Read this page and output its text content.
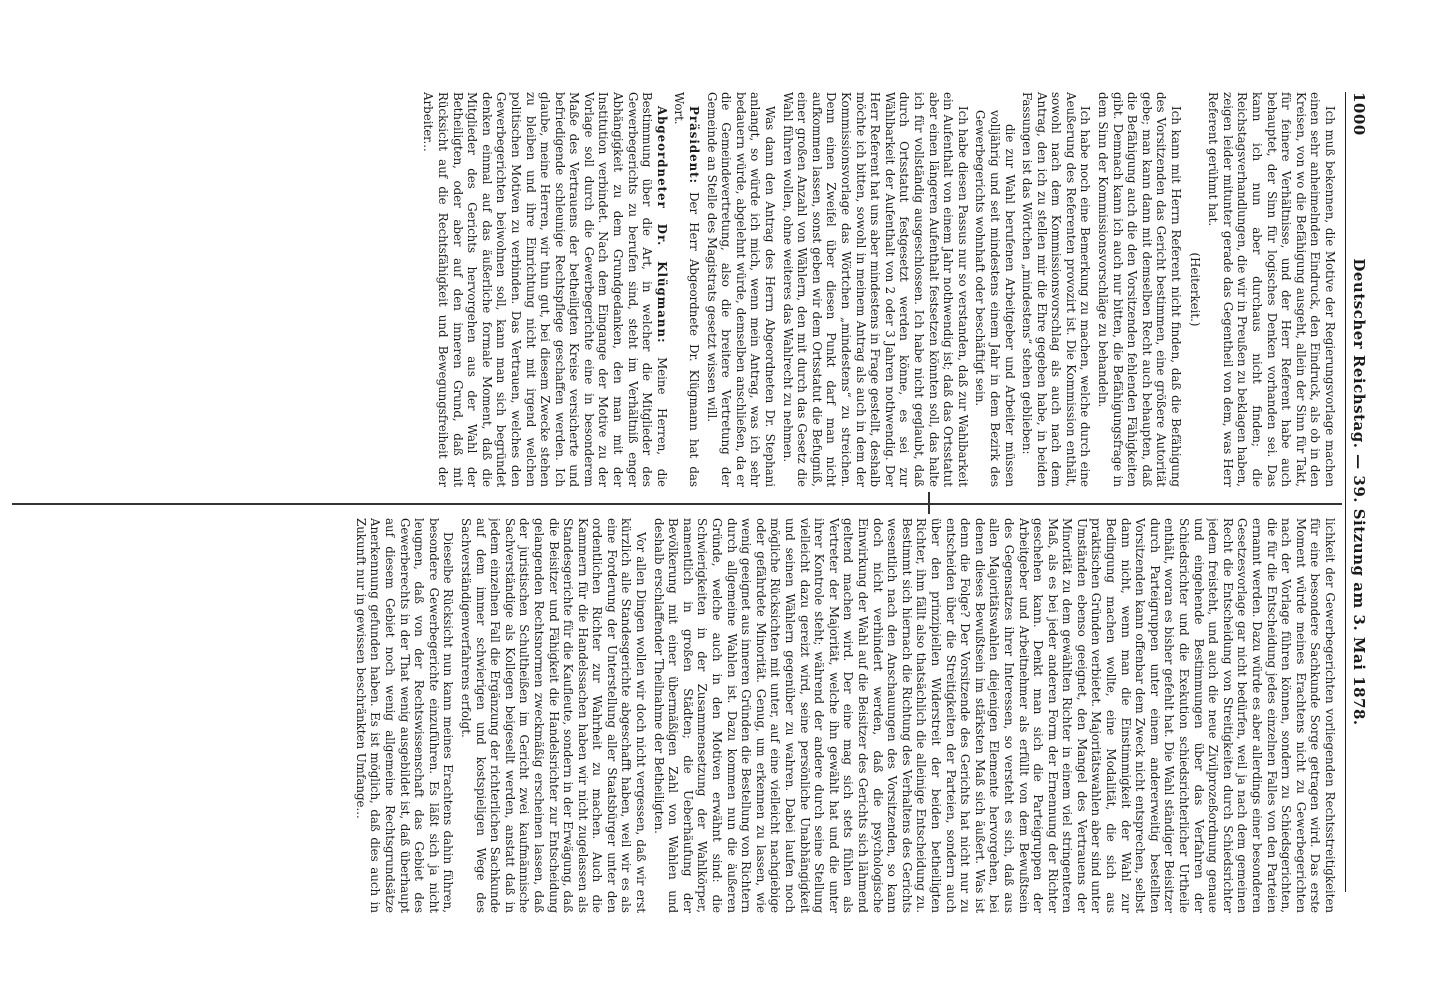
1000
Deutscher Reichstag. — 39. Sitzung am 3. Mai 1878.

Ich muß bekennen, die Motive der Regierungsvorlage machen einen sehr anheimelnden Eindruck, den Eindruck, als ob in den Kreisen, von wo die Befähigung ausgeht, allein der Sinn für Takt, für feinere Verhältnisse, und der Herr Referent habe auch behauptet, der Sinn für logisches Denken vorhanden sei. Das kann ich nun aber durchaus nicht finden; die Reichstagsverhandlungen, die wir in Preußen zu beklagen haben, zeigen leider mitunter gerade das Gegentheil von dem, was Herr Referent gerühmt hat.

(Heiterkeit.)

Ich kann mit Herrn Referent nicht finden, daß die Befähigung des Vorsitzenden das Gericht bestimmen, eine größere Autorität gebe; man kann dann mit demselben Recht auch behaupten, daß die Befähigung auch die den Vorsitzenden fehlenden Fähigkeiten gibt. Demnach kann ich auch nur bitten, die Befähigungsfrage in dem Sinn der Kommissionsvorschläge zu behandeln.

Ich habe noch eine Bemerkung zu machen, welche durch eine Aeußerung des Referenten provozirt ist. Die Kommission enthält, sowohl nach dem Kommissionsvorschlag als auch nach dem Antrag, den ich zu stellen mir die Ehre gegeben habe, in beiden Fassungen ist das Wörtchen „mindestens“ stehen geblieben:

die zur Wahl berufenen Arbeitgeber und Arbeiter müssen volljährig und seit mindestens einem Jahr in dem Bezirk des Gewerbegerichts wohnhaft oder beschäftigt sein.

Ich habe diesen Passus nur so verstanden, daß zur Wahlbarkeit ein Aufenthalt von einem Jahr nothwendig ist; daß das Ortsstatut aber einen längeren Aufenthalt festsetzen könnten soll, das halte ich für vollständig ausgeschlossen. Ich habe nicht geglaubt, daß durch Ortsstatut festgesetzt werden könne, es sei zur Wählbarkeit der Aufenthalt von 2 oder 3 Jahren nothwendig. Der Herr Referent hat uns aber mindestens in Frage gestellt, deshalb möchte ich bitten, sowohl in meinem Antrag als auch in dem der Kommissionsvorlage das Wörtchen „mindestens“ zu streichen. Denn einen Zweifel über diesen Punkt darf man nicht aufkommen lassen, sonst geben wir dem Ortsstatut die Befugniß, einer großen Anzahl von Wählern, den mit durch das Gesetz die Wahl führen wollen, ohne weiteres das Wahlrecht zu nehmen.

Was dann den Antrag des Herrn Abgeordneten Dr. Stephani anlangt, so würde ich mich, wenn mein Antrag, was ich sehr bedauern würde, abgelehnt würde, demselben anschließen, da er die Gemeindevertretung, also die breitere Vertretung der Gemeinde an Stelle des Magistrats gesetzt wissen will.

Präsident: Der Herr Abgeordnete Dr. Klügmann hat das Wort.

Abgeordneter Dr. Klügmann: Meine Herren, die Bestimmung über die Art, in welcher die Mitglieder des Gewerbegerichts zu berufen sind, steht im Verhältniß enger Abhängigkeit zu dem Grundgedanken, den man mit der Institution verbindet. Nach dem Eingange der Motive zu der Vorlage soll durch die Gewerbegerichte eine in besonderem Maße des Vertrauens der betheiligten Kreise versicherte und befriedigende schleunige Rechtspflege geschaffen werden. Ich glaube, meine Herren, wir thun gut, bei diesem Zwecke stehen zu bleiben und ihre Einrichtung nicht mit irgend welchen politischen Motiven zu verbinden. Das Vertrauen, welches den Gewerbegerichten beiwohnen soll, kann man sich begründet denken einmal auf das äußerliche formale Moment, daß die Mitglieder des Gerichts hervorgehen aus der Wahl der Betheiligten, oder aber auf den inneren Grund, daß mit Rücksicht auf die Rechtsfähigkeit und Bewegungsfreiheit der Arbeiter...

lichkeit der Gewerbegerichten vorliegenden Rechtsstreitigkeiten für eine besondere Sachkunde Sorge getragen wird. Das erste Moment würde meines Erachtens nicht zu Gewerbegerichten nach der Vorlage führen können, sondern zu Schiedsgerichten, die für die Entscheidung jedes einzelnen Falles von den Parteien ernannt werden. Dazu würde es aber allerdings einer besonderen Gesetzesvorlage gar nicht bedürfen, weil ja nach dem gemeinen Recht die Entscheidung von Streitigkeiten durch Schiedsrichter jedem freisteht, und auch die neue Zivilprozeßordnung genaue und eingehende Bestimmungen über das Verfahren der Schiedsrichter und die Exekution schiedsrichterlicher Urtheile enthält, woran es bisher gefehlt hat. Die Wahl ständiger Beisitzer durch Parteigruppen unter einem andererweitig bestellten Vorsitzenden kann offenbar dem Zweck nicht entsprechen, selbst dann nicht, wenn man die Einstimmigkeit der Wahl zur Bedingung machen wollte, eine Modalität, die sich aus praktischen Gründen verbietet. Majoritätswahlen aber sind unter Umständen ebenso geeignet, den Mangel des Vertrauens der Minorität zu dem gewählten Richter in einem viel stringenteren Maß, als es bei jeder anderen Form der Ernennung der Richter geschehen kann. Denkt man sich die Parteigruppen der Arbeitgeber und Arbeitnehmer als erfüllt von dem Bewußtsein des Gegensatzes ihrer Interessen, so versteht es sich, daß aus allen Majoritätswahlen diejenigen Elemente hervorgehen, bei denen dieses Bewußtsein im stärksten Maß sich äußert. Was ist denn die Folge? Der Vorsitzende des Gerichts hat nicht nur zu entscheiden über die Streitigkeiten der Parteien, sondern auch über den prinzipiellen Widerstreit der beiden betheiligten Richter, ihm fällt also thatsächlich die alleinige Entscheidung zu. Bestimmt sich hiernach die Richtung des Verhaltens des Gerichts wesentlich nach den Anschauungen des Vorsitzenden, so kann doch nicht verhindert werden, daß die psychologische Einwirkung der Wahl auf die Beisitzer des Gerichts sich lähmend geltend machen wird. Der eine mag sich stets fühlen als Vertreter der Majorität, welche ihn gewählt hat und die unter ihrer Kontrole steht; während der andere durch seine Stellung vielleicht dazu gereizt wird, seine persönliche Unabhängigkeit und seinen Wählern gegenüber zu wahren. Dabei laufen noch mögliche Rücksichten mit unter, auf eine vielleicht nachgiebige oder gefährdete Minorität. Genug, um erkennen zu lassen, wie wenig geeignet aus inneren Gründen die Bestellung von Richtern durch allgemeine Wahlen ist. Dazu kommen nun die äußeren Gründe, welche auch in den Motiven erwähnt sind: die Schwierigkeiten in der Zusammensetzung der Wahlkörper, namentlich in großen Städten; die Ueberhäufung der Bevölkerung mit einer übermäßigen Zahl von Wahlen und deshalb erschlaffender Theilnahme der Betheiligten.

Vor allen Dingen wollen wir doch nicht vergessen, daß wir erst kürzlich alle Standesgerichte abgeschafft haben, weil wir es als eine Forderung der Unterstellung aller Staatsbürger unter den ordentlichen Richter zur Wahrheit zu machen. Auch die Kammern für die Handelssachen haben wir nicht zugelassen als Standesgerichte für die Kaufleute, sondern in der Erwägung, daß die Beisitzer und Fähigkeit die Handelsrichter zur Entscheidung gelangenden Rechtsnormen zweckmäßig erscheinen lassen, daß der juristischen Schultheißen im Gericht zwei kaufmännische Sachverständige als Kollegen beigesellt werden, anstatt daß in jedem einzelnen Fall die Ergänzung der richterlichen Sachkunde auf dem immer schwierigen und kostspieligen Wege des Sachverständigenverfahrens erfolgt.

Dieselbe Rücksicht nun kann meines Erachtens dahin führen, besondere Gewerbegerichte einzuführen. Es läßt sich ja nicht leugnen, daß von der Rechtswissenschaft das Gebiet des Gewerberechts in der That wenig ausgebildet ist, daß überhaupt auf diesem Gebiet noch wenig allgemeine Rechtsgrundsätze Anerkennung gefunden haben. Es ist möglich, daß dies auch in Zukunft nur in gewissen beschränkten Umfange...
